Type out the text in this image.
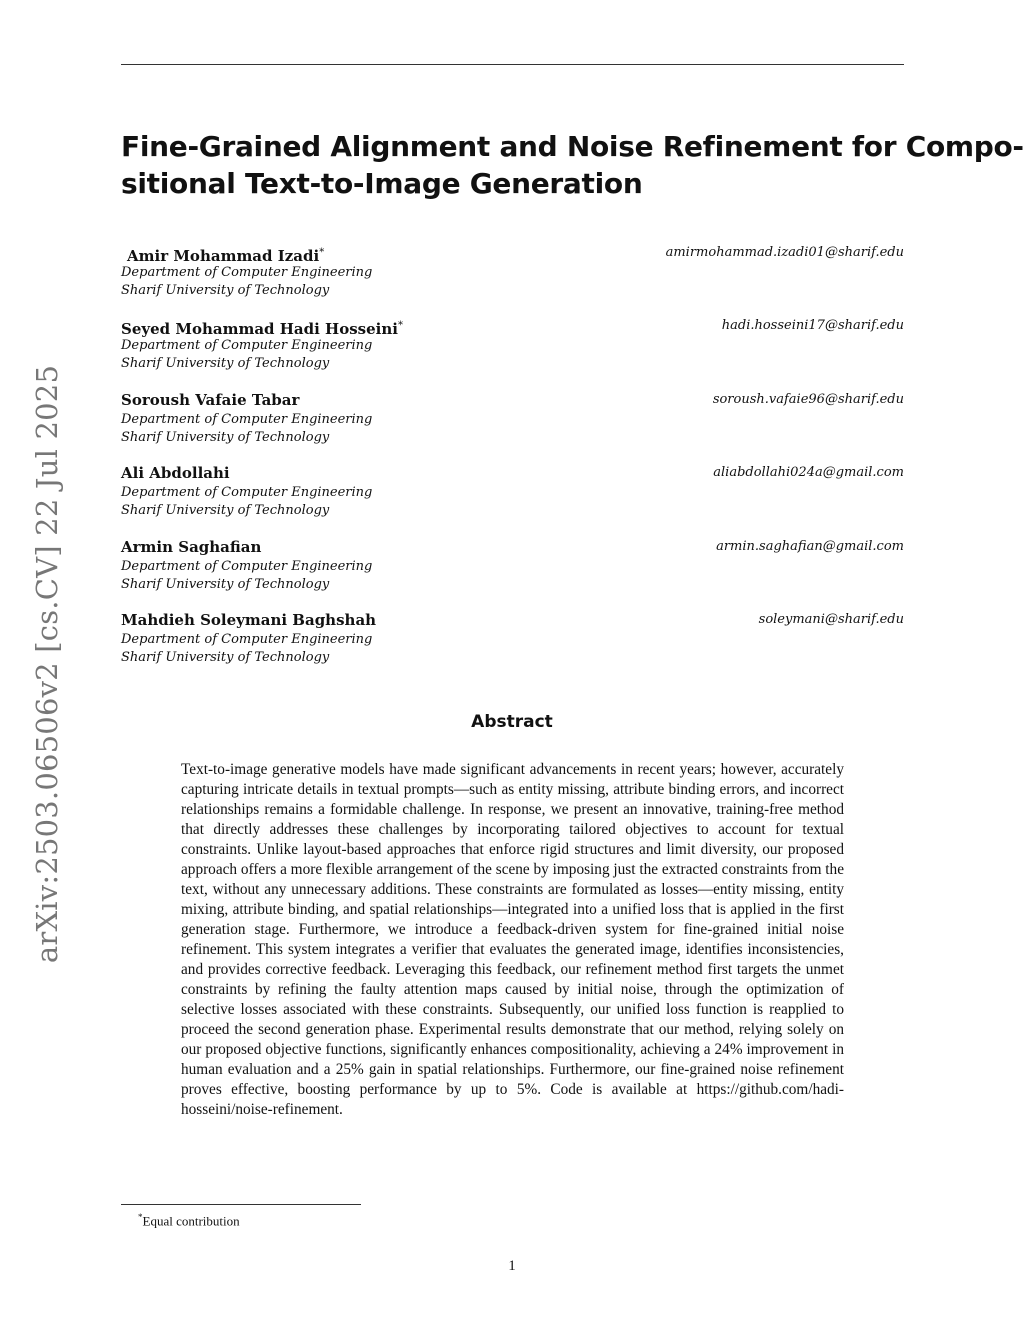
arXiv:2503.06506v2 [cs.CV] 22 Jul 2025
Fine-Grained Alignment and Noise Refinement for Compo-
sitional Text-to-Image Generation
Amir Mohammad Izadi*	amirmohammad.izadi01@sharif.edu
Department of Computer Engineering
Sharif University of Technology
Seyed Mohammad Hadi Hosseini*	hadi.hosseini17@sharif.edu
Department of Computer Engineering
Sharif University of Technology
Soroush Vafaie Tabar	soroush.vafaie96@sharif.edu
Department of Computer Engineering
Sharif University of Technology
Ali Abdollahi	aliabdollahi024a@gmail.com
Department of Computer Engineering
Sharif University of Technology
Armin Saghafian	armin.saghafian@gmail.com
Department of Computer Engineering
Sharif University of Technology
Mahdieh Soleymani Baghshah	soleymani@sharif.edu
Department of Computer Engineering
Sharif University of Technology
Abstract

Text-to-image generative models have made significant advancements in recent years; however, accurately capturing intricate details in textual prompts—such as entity missing, attribute binding errors, and incorrect relationships remains a formidable challenge. In response, we present an innovative, training-free method that directly addresses these challenges by incorporating tailored objectives to account for textual constraints. Unlike layout-based approaches that enforce rigid structures and limit diversity, our proposed approach offers a more flexible arrangement of the scene by imposing just the extracted constraints from the text, without any unnecessary additions. These constraints are formulated as losses—entity missing, entity mixing, attribute binding, and spatial relationships—integrated into a unified loss that is applied in the first generation stage. Furthermore, we introduce a feedback-driven system for fine-grained initial noise refinement. This system integrates a verifier that evaluates the generated image, identifies inconsistencies, and provides corrective feedback. Leveraging this feedback, our refinement method first targets the unmet constraints by refining the faulty attention maps caused by initial noise, through the optimization of selective losses associated with these constraints. Subsequently, our unified loss function is reapplied to proceed the second generation phase. Experimental results demonstrate that our method, relying solely on our proposed objective functions, significantly enhances compositionality, achieving a 24% improvement in human evaluation and a 25% gain in spatial relationships. Furthermore, our fine-grained noise refinement proves effective, boosting performance by up to 5%. Code is available at https://github.com/hadi-hosseini/noise-refinement.

*Equal contribution
1
